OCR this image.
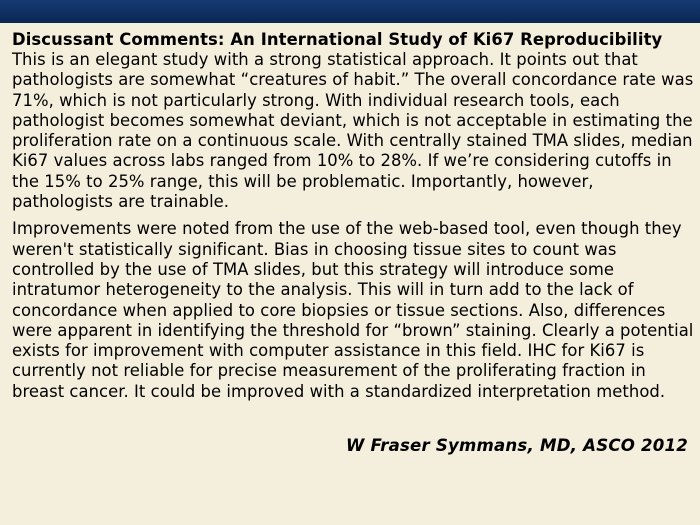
Discussant Comments: An International Study of Ki67 Reproducibility

This is an elegant study with a strong statistical approach. It points out that pathologists are somewhat “creatures of habit.” The overall concordance rate was 71%, which is not particularly strong. With individual research tools, each pathologist becomes somewhat deviant, which is not acceptable in estimating the proliferation rate on a continuous scale. With centrally stained TMA slides, median Ki67 values across labs ranged from 10% to 28%. If we’re considering cutoffs in the 15% to 25% range, this will be problematic. Importantly, however, pathologists are trainable.

Improvements were noted from the use of the web-based tool, even though they weren't statistically significant. Bias in choosing tissue sites to count was controlled by the use of TMA slides, but this strategy will introduce some intratumor heterogeneity to the analysis. This will in turn add to the lack of concordance when applied to core biopsies or tissue sections. Also, differences were apparent in identifying the threshold for “brown” staining. Clearly a potential exists for improvement with computer assistance in this field. IHC for Ki67 is currently not reliable for precise measurement of the proliferating fraction in breast cancer. It could be improved with a standardized interpretation method.

W Fraser Symmans, MD, ASCO 2012
